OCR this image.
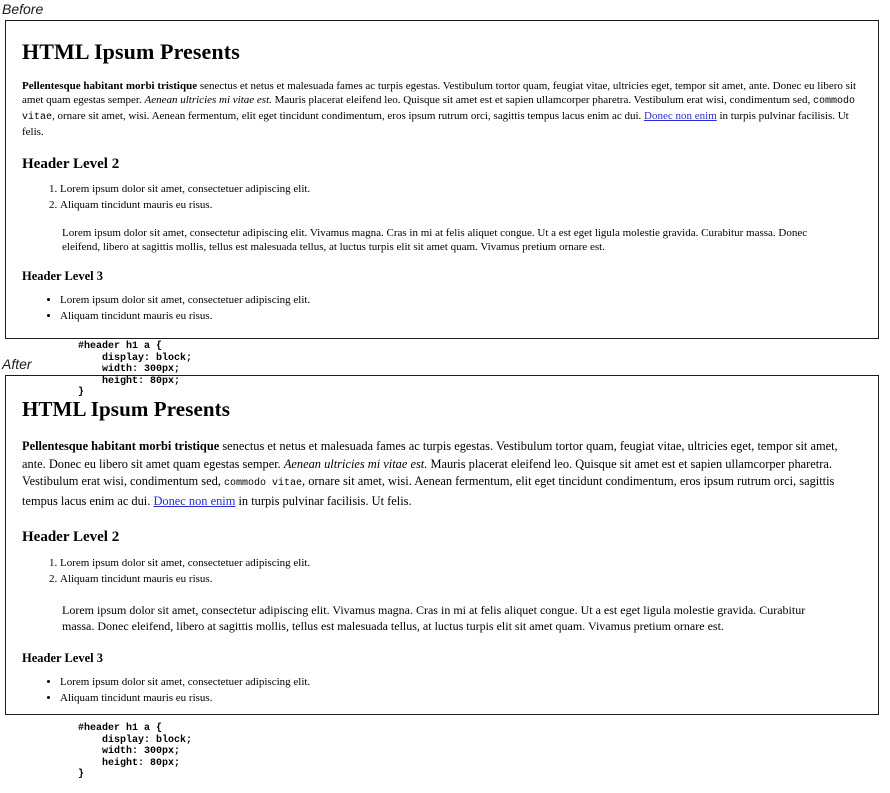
Before
HTML Ipsum Presents

Pellentesque habitant morbi tristique senectus et netus et malesuada fames ac turpis egestas. Vestibulum tortor quam, feugiat vitae, ultricies eget, tempor sit amet, ante. Donec eu libero sit amet quam egestas semper. Aenean ultricies mi vitae est. Mauris placerat eleifend leo. Quisque sit amet est et sapien ullamcorper pharetra. Vestibulum erat wisi, condimentum sed, commodo vitae, ornare sit amet, wisi. Aenean fermentum, elit eget tincidunt condimentum, eros ipsum rutrum orci, sagittis tempus lacus enim ac dui. Donec non enim in turpis pulvinar facilisis. Ut felis.

Header Level 2
1. Lorem ipsum dolor sit amet, consectetuer adipiscing elit.
2. Aliquam tincidunt mauris eu risus.

Lorem ipsum dolor sit amet, consectetur adipiscing elit. Vivamus magna. Cras in mi at felis aliquet congue. Ut a est eget ligula molestie gravida. Curabitur massa. Donec eleifend, libero at sagittis mollis, tellus est malesuada tellus, at luctus turpis elit sit amet quam. Vivamus pretium ornare est.

Header Level 3
• Lorem ipsum dolor sit amet, consectetuer adipiscing elit.
• Aliquam tincidunt mauris eu risus.
#header h1 a {
display: block;
width: 300px;
height: 80px;
}
After
HTML Ipsum Presents

Pellentesque habitant morbi tristique senectus et netus et malesuada fames ac turpis egestas. Vestibulum tortor quam, feugiat vitae, ultricies eget, tempor sit amet, ante. Donec eu libero sit amet quam egestas semper. Aenean ultricies mi vitae est. Mauris placerat eleifend leo. Quisque sit amet est et sapien ullamcorper pharetra. Vestibulum erat wisi, condimentum sed, commodo vitae, ornare sit amet, wisi. Aenean fermentum, elit eget tincidunt condimentum, eros ipsum rutrum orci, sagittis tempus lacus enim ac dui. Donec non enim in turpis pulvinar facilisis. Ut felis.

Header Level 2
1. Lorem ipsum dolor sit amet, consectetuer adipiscing elit.
2. Aliquam tincidunt mauris eu risus.

Lorem ipsum dolor sit amet, consectetur adipiscing elit. Vivamus magna. Cras in mi at felis aliquet congue. Ut a est eget ligula molestie gravida. Curabitur massa. Donec eleifend, libero at sagittis mollis, tellus est malesuada tellus, at luctus turpis elit sit amet quam. Vivamus pretium ornare est.

Header Level 3
• Lorem ipsum dolor sit amet, consectetuer adipiscing elit.
• Aliquam tincidunt mauris eu risus.
#header h1 a {
display: block;
width: 300px;
height: 80px;
}
